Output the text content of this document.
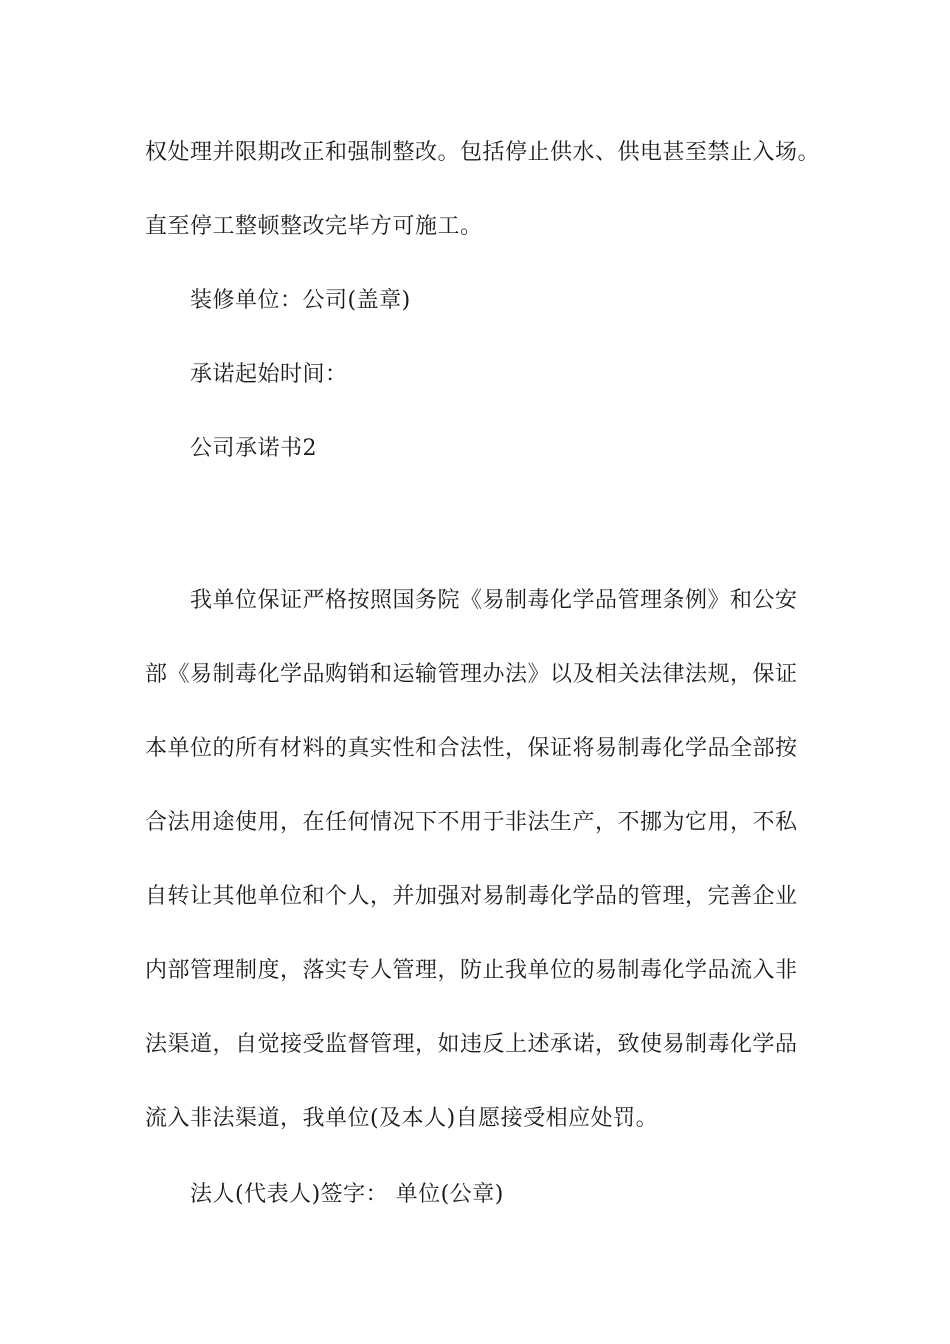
权处理并限期改正和强制整改。包括停止供水、供电甚至禁止入场。
直至停工整顿整改完毕方可施工。
装修单位：公司(盖章)
承诺起始时间：
公司承诺书2
我单位保证严格按照国务院《易制毒化学品管理条例》和公安
部《易制毒化学品购销和运输管理办法》以及相关法律法规，保证
本单位的所有材料的真实性和合法性，保证将易制毒化学品全部按
合法用途使用，在任何情况下不用于非法生产，不挪为它用，不私
自转让其他单位和个人，并加强对易制毒化学品的管理，完善企业
内部管理制度，落实专人管理，防止我单位的易制毒化学品流入非
法渠道，自觉接受监督管理，如违反上述承诺，致使易制毒化学品
流入非法渠道，我单位(及本人)自愿接受相应处罚。
法人(代表人)签字： 单位(公章)
